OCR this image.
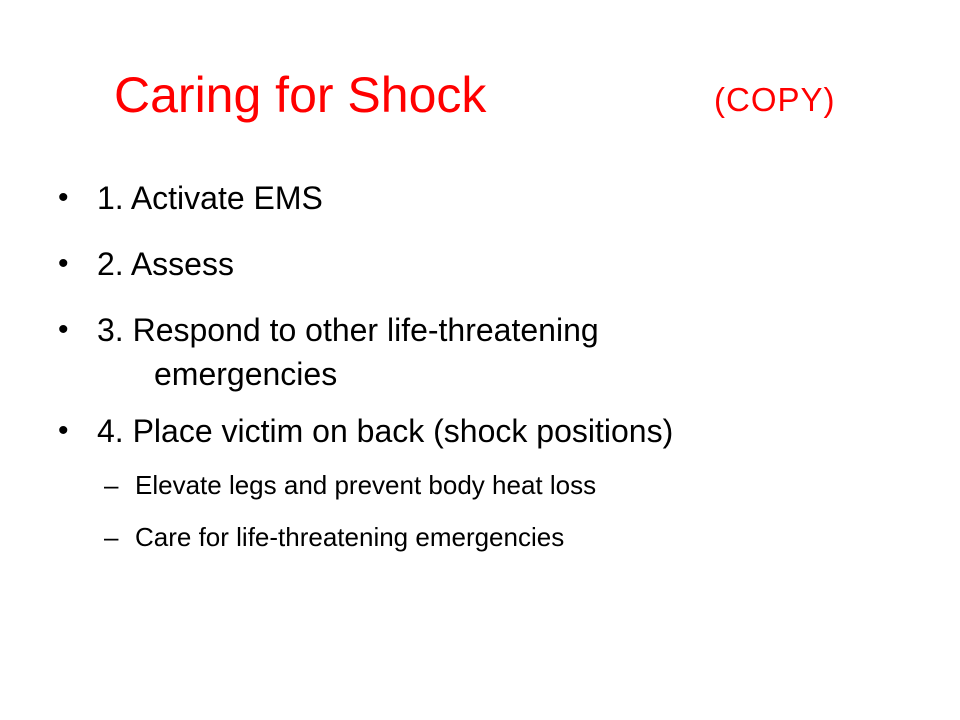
Caring for Shock	(COPY)
• 1. Activate EMS
• 2. Assess
• 3. Respond to other life-threatening
emergencies
• 4. Place victim on back (shock positions)
– Elevate legs and prevent body heat loss
– Care for life-threatening emergencies
